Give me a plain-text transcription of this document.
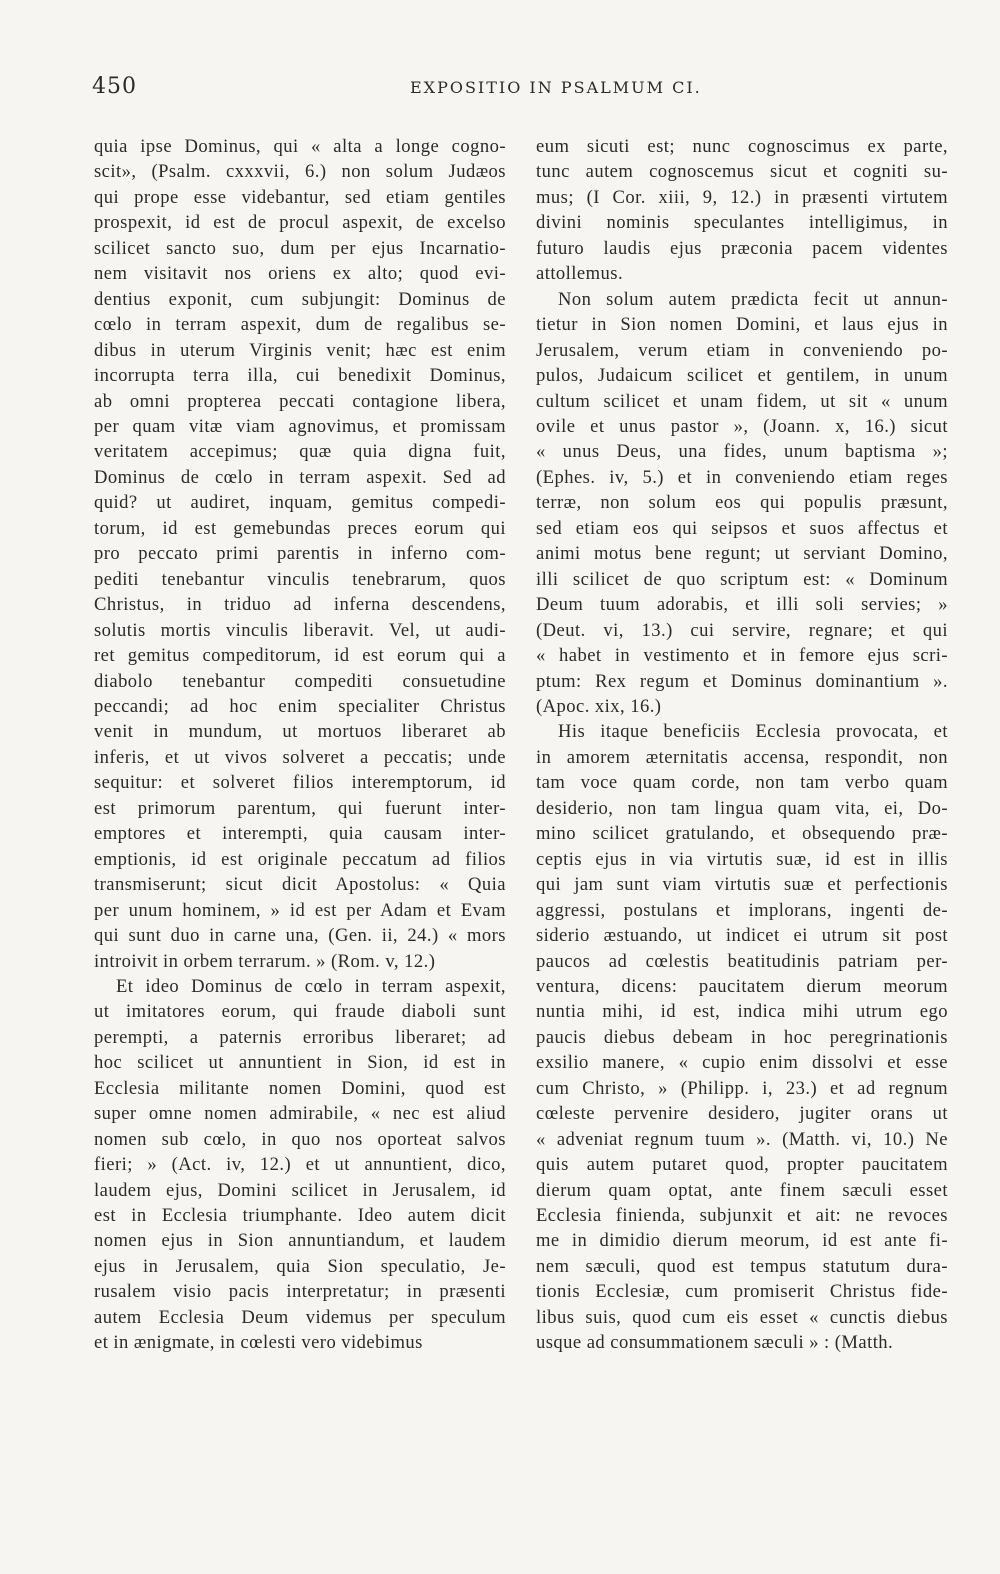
450	EXPOSITIO IN PSALMUM CI.
quia ipse Dominus, qui « alta a longe cogno-
scit», (Psalm. cxxxvii, 6.) non solum Judæos
qui prope esse videbantur, sed etiam gentiles
prospexit, id est de procul aspexit, de excelso
scilicet sancto suo, dum per ejus Incarnatio-
nem visitavit nos oriens ex alto; quod evi-
dentius exponit, cum subjungit: Dominus de
cœlo in terram aspexit, dum de regalibus se-
dibus in uterum Virginis venit; hæc est enim
incorrupta terra illa, cui benedixit Dominus,
ab omni propterea peccati contagione libera,
per quam vitæ viam agnovimus, et promissam
veritatem accepimus; quæ quia digna fuit,
Dominus de cœlo in terram aspexit. Sed ad
quid? ut audiret, inquam, gemitus compedi-
torum, id est gemebundas preces eorum qui
pro peccato primi parentis in inferno com-
pediti tenebantur vinculis tenebrarum, quos
Christus, in triduo ad inferna descendens,
solutis mortis vinculis liberavit. Vel, ut audi-
ret gemitus compeditorum, id est eorum qui a
diabolo tenebantur compediti consuetudine
peccandi; ad hoc enim specialiter Christus
venit in mundum, ut mortuos liberaret ab
inferis, et ut vivos solveret a peccatis; unde
sequitur: et solveret filios interemptorum, id
est primorum parentum, qui fuerunt inter-
emptores et interempti, quia causam inter-
emptionis, id est originale peccatum ad filios
transmiserunt; sicut dicit Apostolus: « Quia
per unum hominem, » id est per Adam et Evam
qui sunt duo in carne una, (Gen. ii, 24.) « mors
introivit in orbem terrarum. » (Rom. v, 12.)
Et ideo Dominus de cœlo in terram aspexit,
ut imitatores eorum, qui fraude diaboli sunt
perempti, a paternis erroribus liberaret; ad
hoc scilicet ut annuntient in Sion, id est in
Ecclesia militante nomen Domini, quod est
super omne nomen admirabile, « nec est aliud
nomen sub cœlo, in quo nos oporteat salvos
fieri; » (Act. iv, 12.) et ut annuntient, dico,
laudem ejus, Domini scilicet in Jerusalem, id
est in Ecclesia triumphante. Ideo autem dicit
nomen ejus in Sion annuntiandum, et laudem
ejus in Jerusalem, quia Sion speculatio, Je-
rusalem visio pacis interpretatur; in præsenti
autem Ecclesia Deum videmus per speculum
et in ænigmate, in cœlesti vero videbimus
eum sicuti est; nunc cognoscimus ex parte,
tunc autem cognoscemus sicut et cogniti su-
mus; (I Cor. xiii, 9, 12.) in præsenti virtutem
divini nominis speculantes intelligimus, in
futuro laudis ejus præconia pacem videntes
attollemus.
Non solum autem prædicta fecit ut annun-
tietur in Sion nomen Domini, et laus ejus in
Jerusalem, verum etiam in conveniendo po-
pulos, Judaicum scilicet et gentilem, in unum
cultum scilicet et unam fidem, ut sit « unum
ovile et unus pastor », (Joann. x, 16.) sicut
« unus Deus, una fides, unum baptisma »;
(Ephes. iv, 5.) et in conveniendo etiam reges
terræ, non solum eos qui populis præsunt,
sed etiam eos qui seipsos et suos affectus et
animi motus bene regunt; ut serviant Domino,
illi scilicet de quo scriptum est: « Dominum
Deum tuum adorabis, et illi soli servies; »
(Deut. vi, 13.) cui servire, regnare; et qui
« habet in vestimento et in femore ejus scri-
ptum: Rex regum et Dominus dominantium ».
(Apoc. xix, 16.)
His itaque beneficiis Ecclesia provocata, et
in amorem æternitatis accensa, respondit, non
tam voce quam corde, non tam verbo quam
desiderio, non tam lingua quam vita, ei, Do-
mino scilicet gratulando, et obsequendo præ-
ceptis ejus in via virtutis suæ, id est in illis
qui jam sunt viam virtutis suæ et perfectionis
aggressi, postulans et implorans, ingenti de-
siderio æstuando, ut indicet ei utrum sit post
paucos ad cœlestis beatitudinis patriam per-
ventura, dicens: paucitatem dierum meorum
nuntia mihi, id est, indica mihi utrum ego
paucis diebus debeam in hoc peregrinationis
exsilio manere, « cupio enim dissolvi et esse
cum Christo, » (Philipp. i, 23.) et ad regnum
cœleste pervenire desidero, jugiter orans ut
« adveniat regnum tuum ». (Matth. vi, 10.) Ne
quis autem putaret quod, propter paucitatem
dierum quam optat, ante finem sæculi esset
Ecclesia finienda, subjunxit et ait: ne revoces
me in dimidio dierum meorum, id est ante fi-
nem sæculi, quod est tempus statutum dura-
tionis Ecclesiæ, cum promiserit Christus fide-
libus suis, quod cum eis esset « cunctis diebus
usque ad consummationem sæculi » : (Matth.
